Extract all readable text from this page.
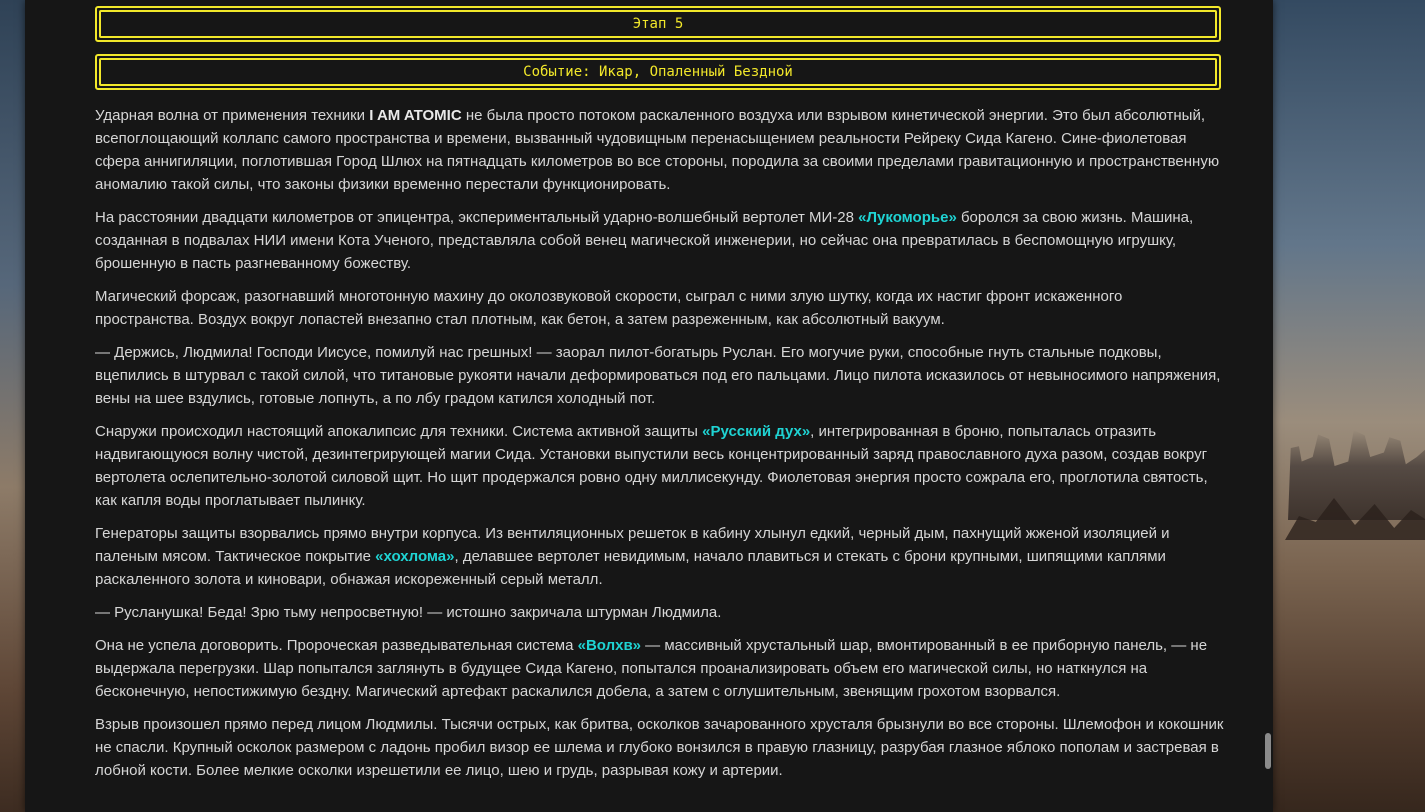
Этап 5
Событие: Икар, Опаленный Бездной

Ударная волна от применения техники I AM ATOMIC не была просто потоком раскаленного воздуха или взрывом кинетической энергии. Это был абсолютный, всепоглощающий коллапс самого пространства и времени, вызванный чудовищным перенасыщением реальности Рейреку Сида Кагено. Сине-фиолетовая сфера аннигиляции, поглотившая Город Шлюх на пятнадцать километров во все стороны, породила за своими пределами гравитационную и пространственную аномалию такой силы, что законы физики временно перестали функционировать.

На расстоянии двадцати километров от эпицентра, экспериментальный ударно-волшебный вертолет МИ-28 «Лукоморье» боролся за свою жизнь. Машина, созданная в подвалах НИИ имени Кота Ученого, представляла собой венец магической инженерии, но сейчас она превратилась в беспомощную игрушку, брошенную в пасть разгневанному божеству.

Магический форсаж, разогнавший многотонную махину до околозвуковой скорости, сыграл с ними злую шутку, когда их настиг фронт искаженного пространства. Воздух вокруг лопастей внезапно стал плотным, как бетон, а затем разреженным, как абсолютный вакуум.

— Держись, Людмила! Господи Иисусе, помилуй нас грешных! — заорал пилот-богатырь Руслан. Его могучие руки, способные гнуть стальные подковы, вцепились в штурвал с такой силой, что титановые рукояти начали деформироваться под его пальцами. Лицо пилота исказилось от невыносимого напряжения, вены на шее вздулись, готовые лопнуть, а по лбу градом катился холодный пот.

Снаружи происходил настоящий апокалипсис для техники. Система активной защиты «Русский дух», интегрированная в броню, попыталась отразить надвигающуюся волну чистой, дезинтегрирующей магии Сида. Установки выпустили весь концентрированный заряд православного духа разом, создав вокруг вертолета ослепительно-золотой силовой щит. Но щит продержался ровно одну миллисекунду. Фиолетовая энергия просто сожрала его, проглотила святость, как капля воды проглатывает пылинку.

Генераторы защиты взорвались прямо внутри корпуса. Из вентиляционных решеток в кабину хлынул едкий, черный дым, пахнущий жженой изоляцией и паленым мясом. Тактическое покрытие «хохлома», делавшее вертолет невидимым, начало плавиться и стекать с брони крупными, шипящими каплями раскаленного золота и киновари, обнажая искореженный серый металл.

— Русланушка! Беда! Зрю тьму непросветную! — истошно закричала штурман Людмила.

Она не успела договорить. Пророческая разведывательная система «Волхв» — массивный хрустальный шар, вмонтированный в ее приборную панель, — не выдержала перегрузки. Шар попытался заглянуть в будущее Сида Кагено, попытался проанализировать объем его магической силы, но наткнулся на бесконечную, непостижимую бездну. Магический артефакт раскалился добела, а затем с оглушительным, звенящим грохотом взорвался.

Взрыв произошел прямо перед лицом Людмилы. Тысячи острых, как бритва, осколков зачарованного хрусталя брызнули во все стороны. Шлемофон и кокошник не спасли. Крупный осколок размером с ладонь пробил визор ее шлема и глубоко вонзился в правую глазницу, разрубая глазное яблоко пополам и застревая в лобной кости. Более мелкие осколки изрешетили ее лицо, шею и грудь, разрывая кожу и артерии.
